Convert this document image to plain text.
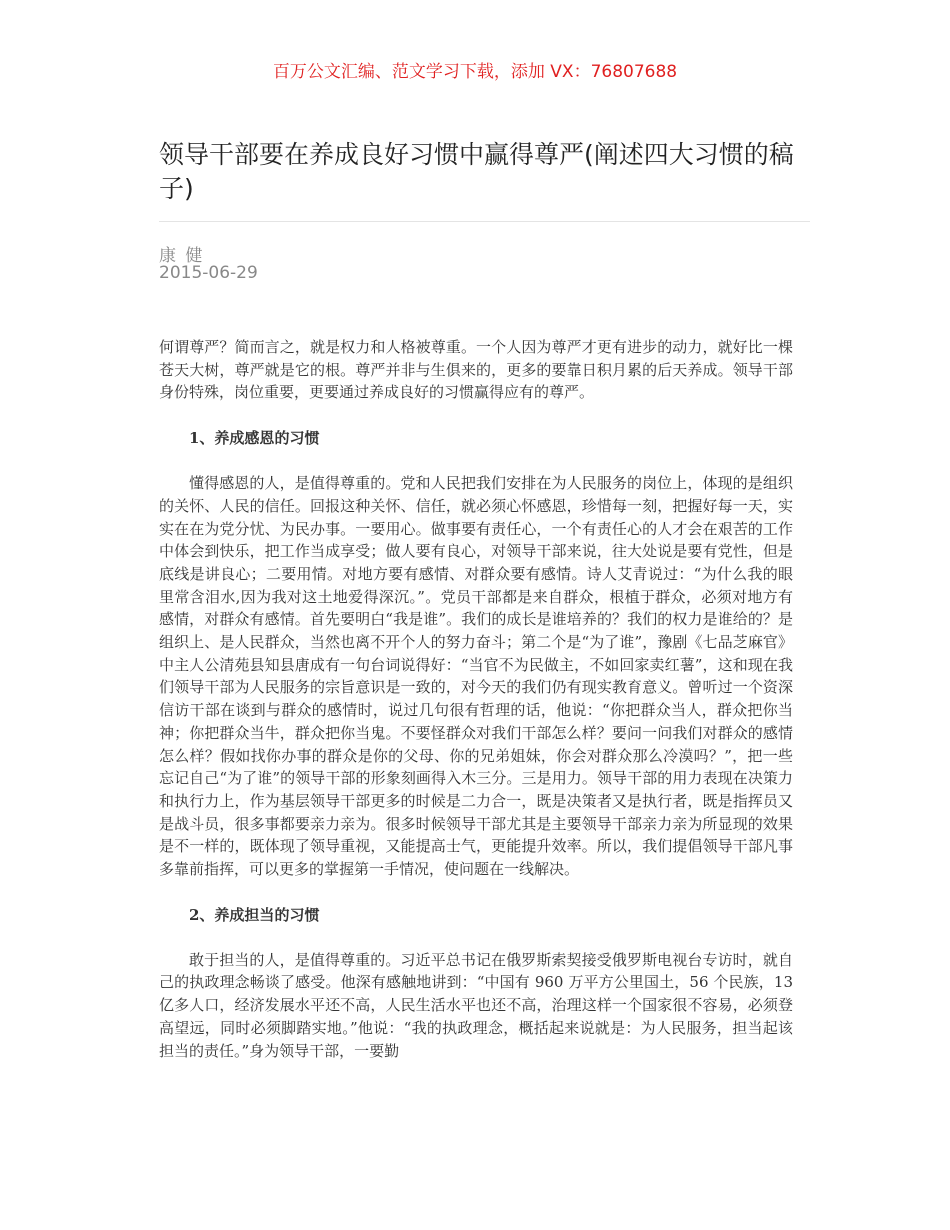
百万公文汇编、范文学习下载，添加 VX：76807688
领导干部要在养成良好习惯中赢得尊严(阐述四大习惯的稿子)
康 健
2015-06-29

何谓尊严？简而言之，就是权力和人格被尊重。一个人因为尊严才更有进步的动力，就好比一棵苍天大树，尊严就是它的根。尊严并非与生俱来的，更多的要靠日积月累的后天养成。领导干部身份特殊，岗位重要，更要通过养成良好的习惯赢得应有的尊严。

1、养成感恩的习惯

懂得感恩的人，是值得尊重的。党和人民把我们安排在为人民服务的岗位上，体现的是组织的关怀、人民的信任。回报这种关怀、信任，就必须心怀感恩，珍惜每一刻，把握好每一天，实实在在为党分忧、为民办事。一要用心。做事要有责任心，一个有责任心的人才会在艰苦的工作中体会到快乐，把工作当成享受；做人要有良心，对领导干部来说，往大处说是要有党性，但是底线是讲良心；二要用情。对地方要有感情、对群众要有感情。诗人艾青说过：“为什么我的眼里常含泪水,因为我对这土地爱得深沉。”。党员干部都是来自群众，根植于群众，必须对地方有感情，对群众有感情。首先要明白“我是谁”。我们的成长是谁培养的？我们的权力是谁给的？是组织上、是人民群众，当然也离不开个人的努力奋斗；第二个是“为了谁”，豫剧《七品芝麻官》中主人公清苑县知县唐成有一句台词说得好：“当官不为民做主，不如回家卖红薯”，这和现在我们领导干部为人民服务的宗旨意识是一致的，对今天的我们仍有现实教育意义。曾听过一个资深信访干部在谈到与群众的感情时，说过几句很有哲理的话，他说：“你把群众当人，群众把你当神；你把群众当牛，群众把你当鬼。不要怪群众对我们干部怎么样？要问一问我们对群众的感情怎么样？假如找你办事的群众是你的父母、你的兄弟姐妹，你会对群众那么冷漠吗？”，把一些忘记自己“为了谁”的领导干部的形象刻画得入木三分。三是用力。领导干部的用力表现在决策力和执行力上，作为基层领导干部更多的时候是二力合一，既是决策者又是执行者，既是指挥员又是战斗员，很多事都要亲力亲为。很多时候领导干部尤其是主要领导干部亲力亲为所显现的效果是不一样的，既体现了领导重视，又能提高士气，更能提升效率。所以，我们提倡领导干部凡事多靠前指挥，可以更多的掌握第一手情况，使问题在一线解决。

2、养成担当的习惯

敢于担当的人，是值得尊重的。习近平总书记在俄罗斯索契接受俄罗斯电视台专访时，就自己的执政理念畅谈了感受。他深有感触地讲到：“中国有 960 万平方公里国土，56 个民族，13 亿多人口，经济发展水平还不高，人民生活水平也还不高，治理这样一个国家很不容易，必须登高望远，同时必须脚踏实地。”他说：“我的执政理念，概括起来说就是：为人民服务，担当起该担当的责任。”身为领导干部，一要勤
